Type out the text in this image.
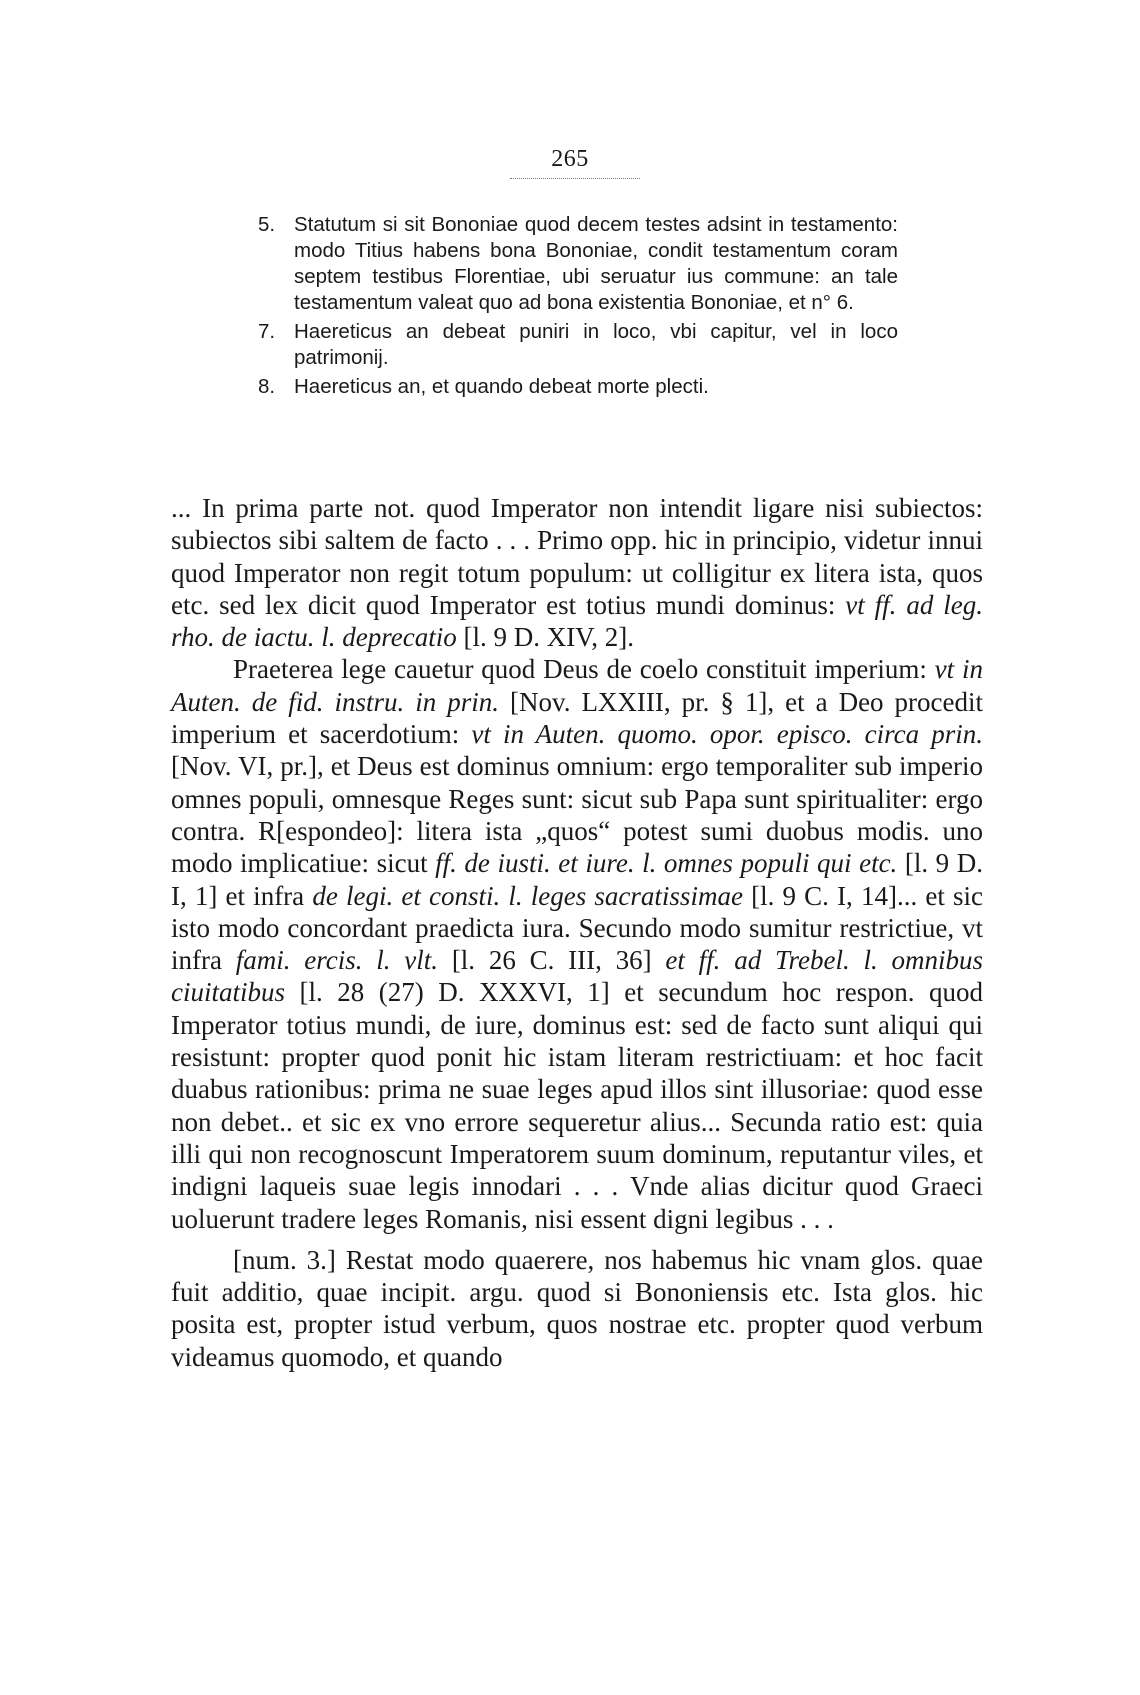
265
5. Statutum si sit Bononiae quod decem testes adsint in testamento: modo Titius habens bona Bononiae, condit testamentum coram septem testibus Florentiae, ubi seruatur ius commune: an tale testamentum valeat quo ad bona existentia Bononiae, et n° 6.
7. Haereticus an debeat puniri in loco, vbi capitur, vel in loco patrimonij.
8. Haereticus an, et quando debeat morte plecti.

... In prima parte not. quod Imperator non intendit ligare nisi subiectos: subiectos sibi saltem de facto . . . Primo opp. hic in principio, videtur innui quod Imperator non regit totum populum: ut colligitur ex litera ista, quos etc. sed lex dicit quod Imperator est totius mundi dominus: vt ff. ad leg. rho. de iactu. l. deprecatio [l. 9 D. XIV, 2].

Praeterea lege cauetur quod Deus de coelo constituit imperium: vt in Auten. de fid. instru. in prin. [Nov. LXXIII, pr. § 1], et a Deo procedit imperium et sacerdotium: vt in Auten. quomo. opor. episco. circa prin. [Nov. VI, pr.], et Deus est dominus omnium: ergo temporaliter sub imperio omnes populi, omnesque Reges sunt: sicut sub Papa sunt spiritualiter: ergo contra. R[espondeo]: litera ista „quos“ potest sumi duobus modis. uno modo implicatiue: sicut ff. de iusti. et iure. l. omnes populi qui etc. [l. 9 D. I, 1] et infra de legi. et consti. l. leges sacratissimae [l. 9 C. I, 14]... et sic isto modo concordant praedicta iura. Secundo modo sumitur restrictiue, vt infra fami. ercis. l. vlt. [l. 26 C. III, 36] et ff. ad Trebel. l. omnibus ciuitatibus [l. 28 (27) D. XXXVI, 1] et secundum hoc respon. quod Imperator totius mundi, de iure, dominus est: sed de facto sunt aliqui qui resistunt: propter quod ponit hic istam literam restrictiuam: et hoc facit duabus rationibus: prima ne suae leges apud illos sint illusoriae: quod esse non debet.. et sic ex vno errore sequeretur alius... Secunda ratio est: quia illi qui non recognoscunt Imperatorem suum dominum, reputantur viles, et indigni laqueis suae legis innodari . . . Vnde alias dicitur quod Graeci uoluerunt tradere leges Romanis, nisi essent digni legibus . . .

[num. 3.] Restat modo quaerere, nos habemus hic vnam glos. quae fuit additio, quae incipit. argu. quod si Bononiensis etc. Ista glos. hic posita est, propter istud verbum, quos nostrae etc. propter quod verbum videamus quomodo, et quando
